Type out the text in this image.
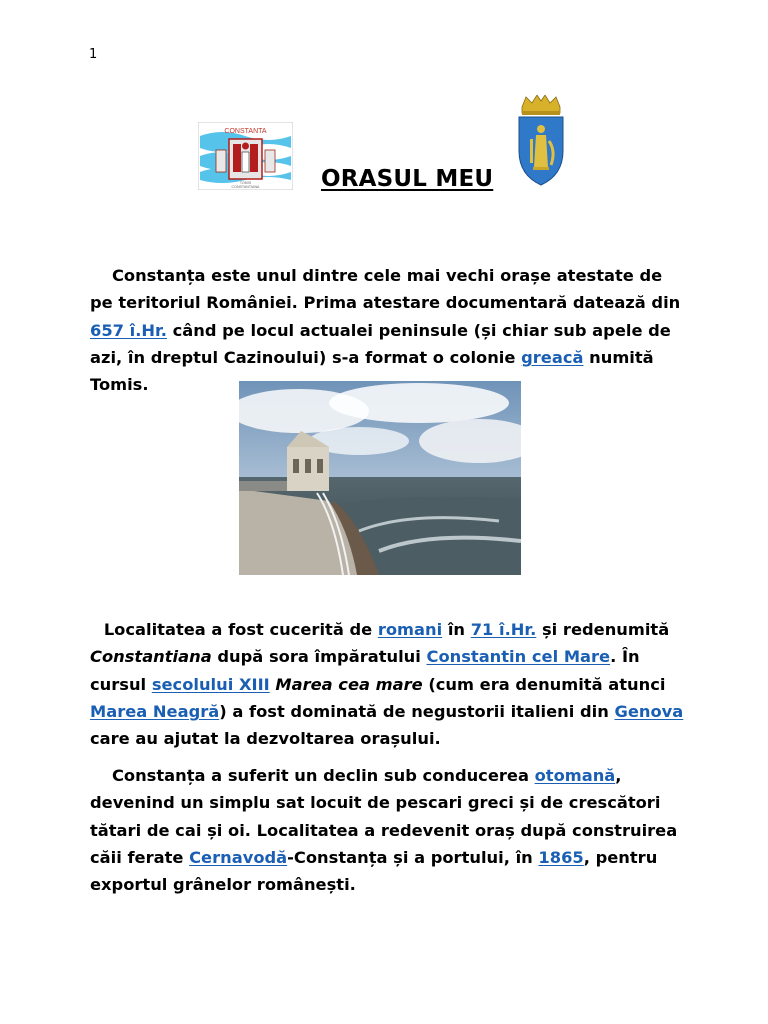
1
CONSTANTA
TOMIS
CONSTANTIANA	ORASUL MEU

  Constanța este unul dintre cele mai vechi orașe atestate de pe teritoriul României. Prima atestare documentară datează din 657 î.Hr. când pe locul actualei peninsule (și chiar sub apele de azi, în dreptul Cazinoului) s-a format o colonie greacă numită Tomis.

  Localitatea a fost cucerită de romani în 71 î.Hr. și redenumită Constantiana după sora împăratului Constantin cel Mare. În cursul secolului XIII Marea cea mare (cum era denumită atunci Marea Neagră) a fost dominată de negustorii italieni din Genova care au ajutat la dezvoltarea orașului.

  Constanța a suferit un declin sub conducerea otomană, devenind un simplu sat locuit de pescari greci și de crescători tătari de cai și oi. Localitatea a redevenit oraș după construirea căii ferate Cernavodă-Constanța și a portului, în 1865, pentru exportul grânelor românești.
